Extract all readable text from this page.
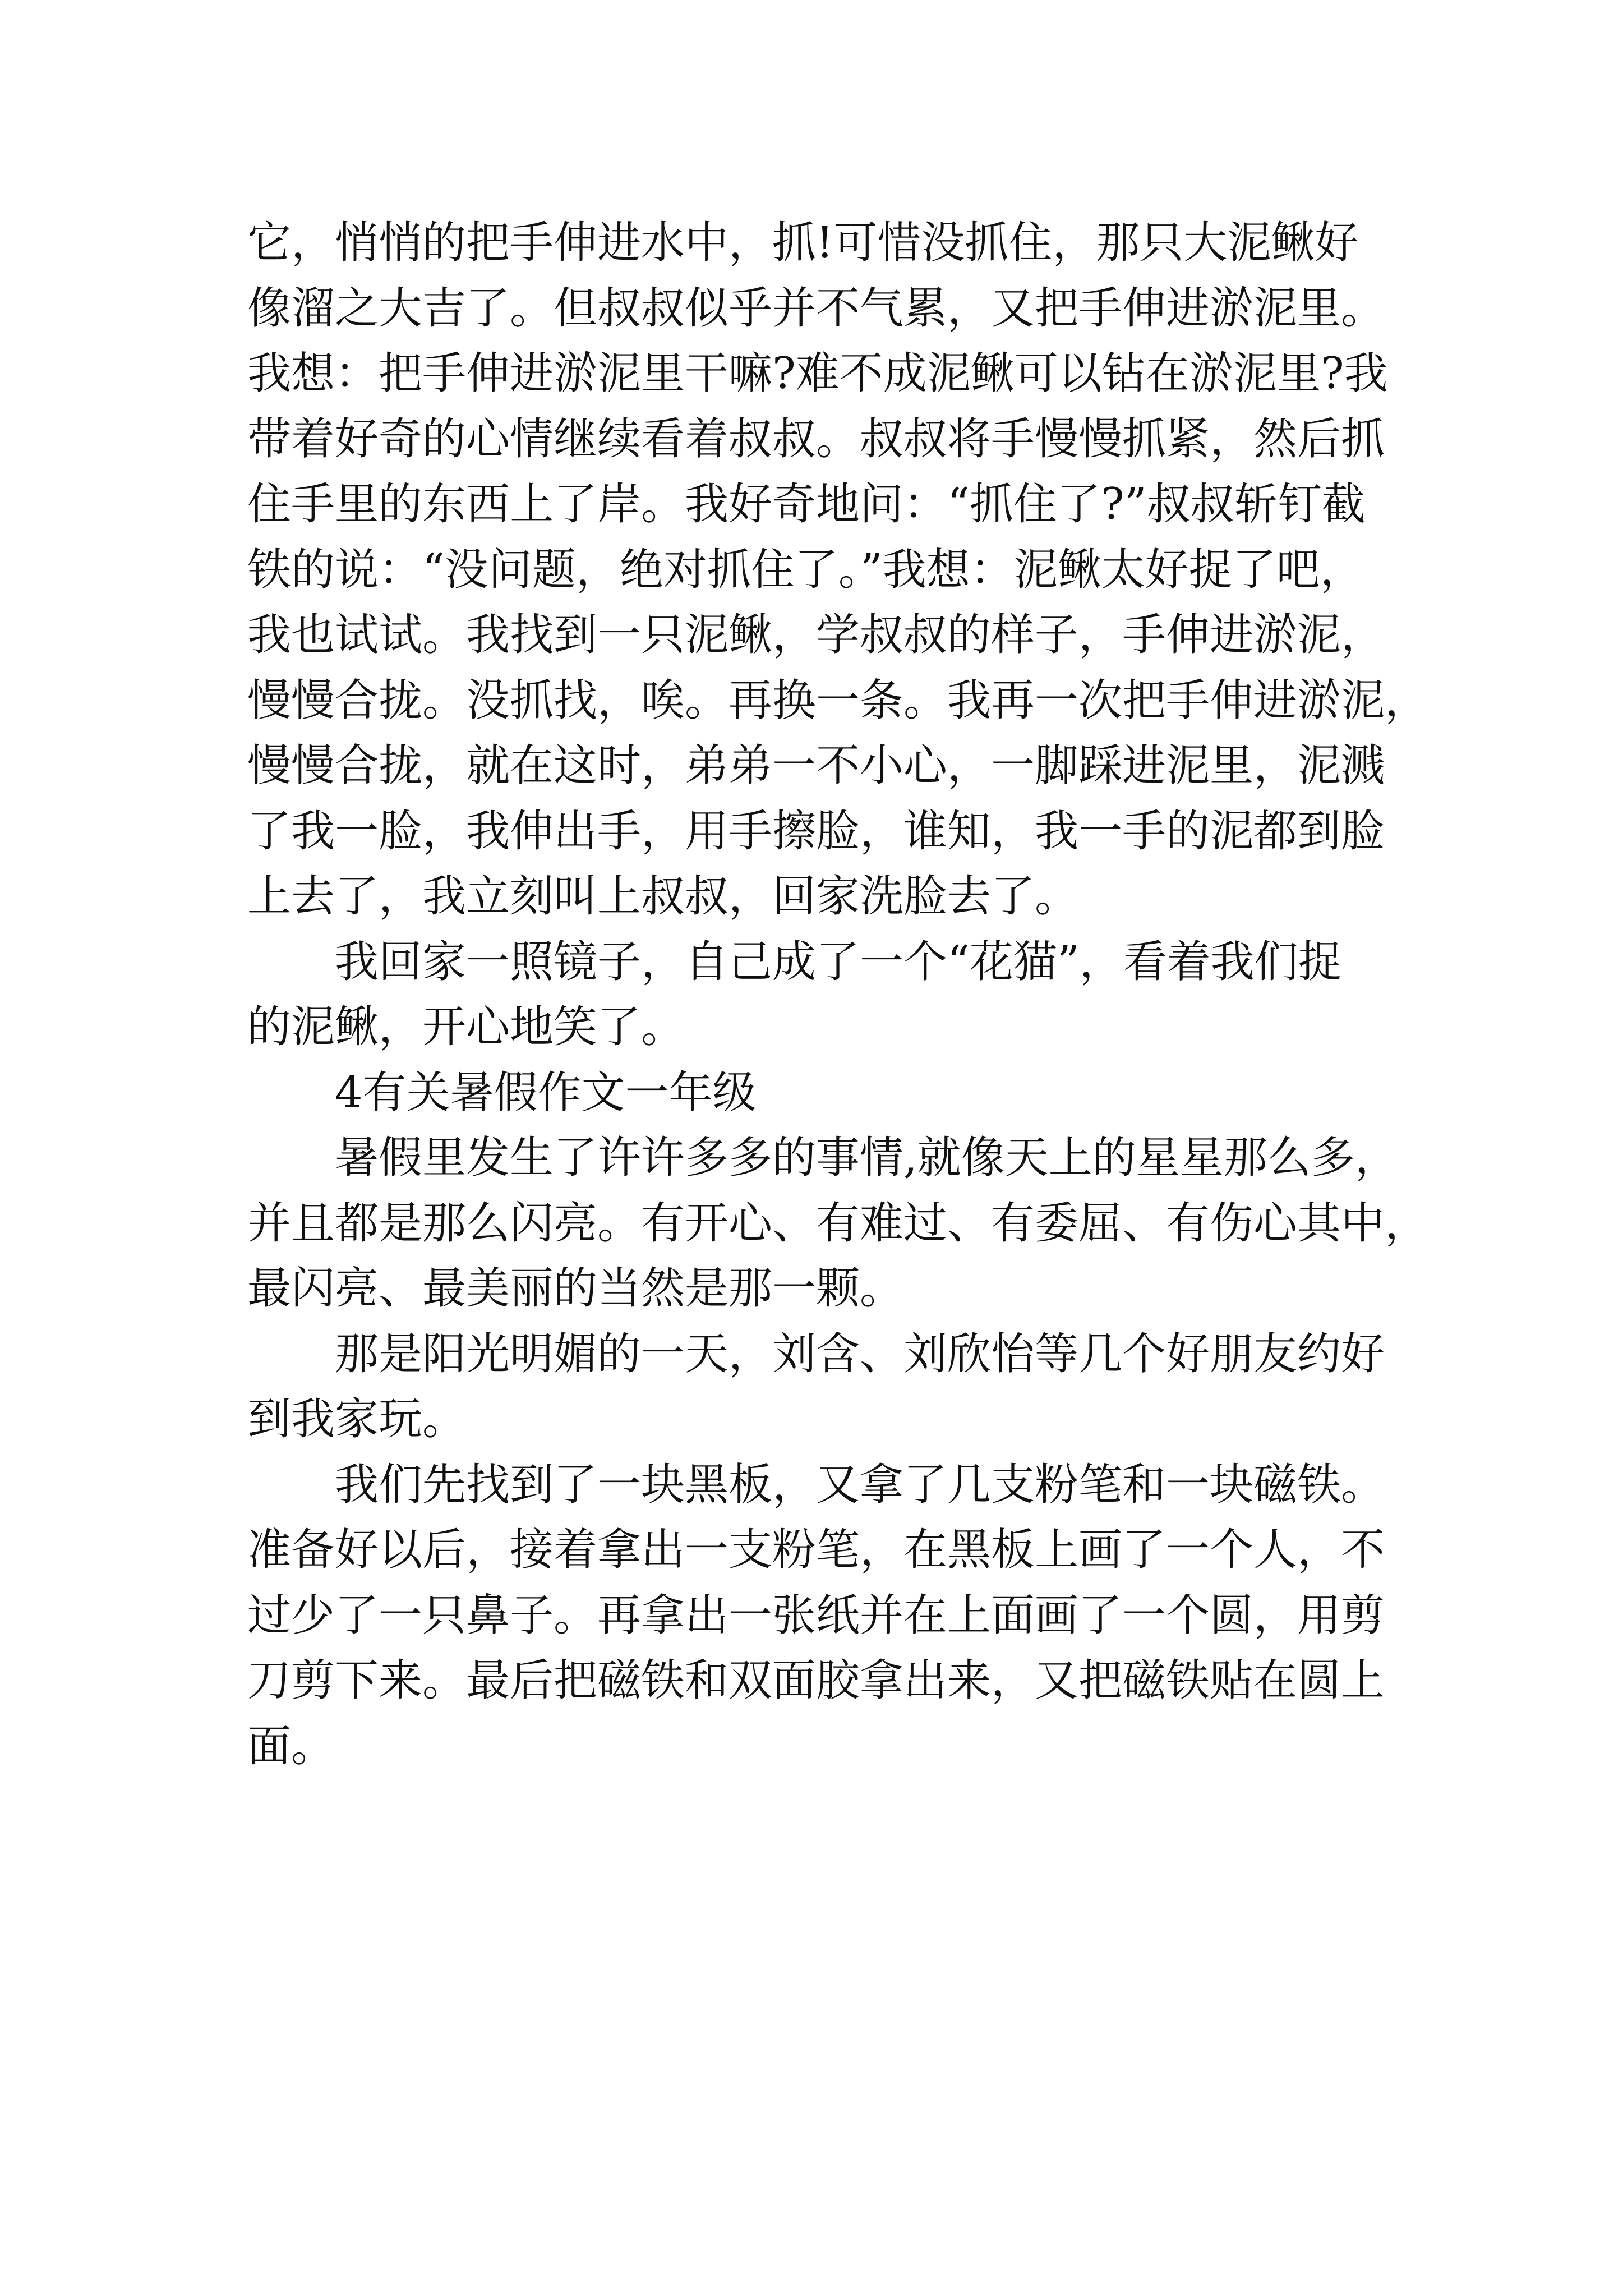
它，悄悄的把手伸进水中，抓!可惜没抓住，那只大泥鳅好
像溜之大吉了。但叔叔似乎并不气累，又把手伸进淤泥里。
我想：把手伸进淤泥里干嘛?难不成泥鳅可以钻在淤泥里?我
带着好奇的心情继续看着叔叔。叔叔将手慢慢抓紧，然后抓
住手里的东西上了岸。我好奇地问：“抓住了?”叔叔斩钉截
铁的说：“没问题，绝对抓住了。”我想：泥鳅太好捉了吧，
我也试试。我找到一只泥鳅，学叔叔的样子，手伸进淤泥，
慢慢合拢。没抓找，唉。再换一条。我再一次把手伸进淤泥，
慢慢合拢，就在这时，弟弟一不小心，一脚踩进泥里，泥溅
了我一脸，我伸出手，用手擦脸，谁知，我一手的泥都到脸
上去了，我立刻叫上叔叔，回家洗脸去了。
我回家一照镜子，自己成了一个“花猫”，看着我们捉
的泥鳅，开心地笑了。
4有关暑假作文一年级
暑假里发生了许许多多的事情,就像天上的星星那么多，
并且都是那么闪亮。有开心、有难过、有委屈、有伤心其中，
最闪亮、最美丽的当然是那一颗。
那是阳光明媚的一天，刘含、刘欣怡等几个好朋友约好
到我家玩。
我们先找到了一块黑板，又拿了几支粉笔和一块磁铁。
准备好以后，接着拿出一支粉笔，在黑板上画了一个人，不
过少了一只鼻子。再拿出一张纸并在上面画了一个圆，用剪
刀剪下来。最后把磁铁和双面胶拿出来，又把磁铁贴在圆上
面。
